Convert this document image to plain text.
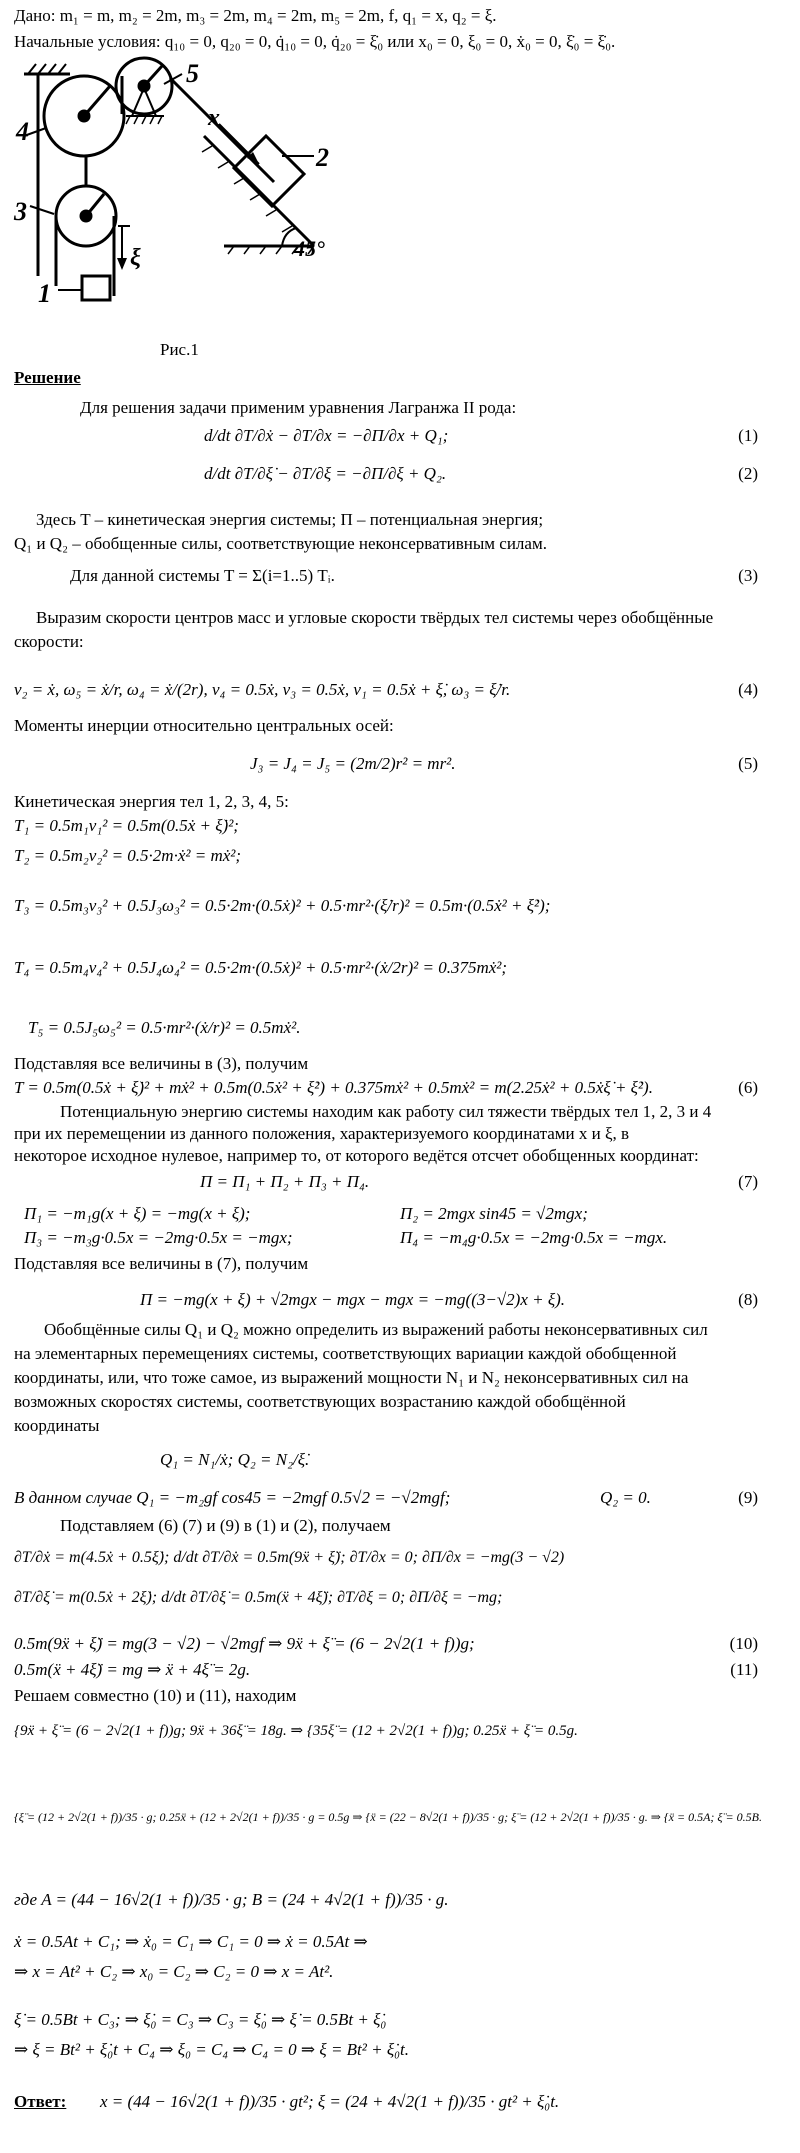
Дано: m₁ = m, m₂ = 2m, m₃ = 2m, m₄ = 2m, m₅ = 2m, f, q₁ = x, q₂ = ξ.
Начальные условия: q₁₀ = 0, q₂₀ = 0, q̇₁₀ = 0, q̇₂₀ = ξ̇₀ или x₀ = 0, ξ₀ = 0, ẋ₀ = 0, ξ̇₀ = ξ̇₀.
4
5
3
2
1
x
ξ	45°
Рис.1
Решение
Для решения задачи применим уравнения Лагранжа II рода:
d/dt ∂T/∂ẋ − ∂T/∂x = −∂П/∂x + Q₁;	(1)
d/dt ∂T/∂ξ̇ − ∂T/∂ξ = −∂П/∂ξ + Q₂.	(2)
Здесь T – кинетическая энергия системы; П – потенциальная энергия;
Q₁ и Q₂ – обобщенные силы, соответствующие неконсервативным силам.
Для данной системы T = Σ(i=1..5) Tᵢ.	(3)
Выразим скорости центров масс и угловые скорости твёрдых тел системы через обобщённые
скорости:
v₂ = ẋ, ω₅ = ẋ/r, ω₄ = ẋ/(2r), v₄ = 0.5ẋ, v₃ = 0.5ẋ, v₁ = 0.5ẋ + ξ̇, ω₃ = ξ̇/r.	(4)
Моменты инерции относительно центральных осей:
J₃ = J₄ = J₅ = (2m/2)r² = mr².	(5)
Кинетическая энергия тел 1, 2, 3, 4, 5:
T₁ = 0.5m₁v₁² = 0.5m(0.5ẋ + ξ̇)²;
T₂ = 0.5m₂v₂² = 0.5·2m·ẋ² = mẋ²;
T₃ = 0.5m₃v₃² + 0.5J₃ω₃² = 0.5·2m·(0.5ẋ)² + 0.5·mr²·(ξ̇/r)² = 0.5m·(0.5ẋ² + ξ̇²);
T₄ = 0.5m₄v₄² + 0.5J₄ω₄² = 0.5·2m·(0.5ẋ)² + 0.5·mr²·(ẋ/2r)² = 0.375mẋ²;
T₅ = 0.5J₅ω₅² = 0.5·mr²·(ẋ/r)² = 0.5mẋ².
Подставляя все величины в (3), получим
T = 0.5m(0.5ẋ + ξ̇)² + mẋ² + 0.5m(0.5ẋ² + ξ̇²) + 0.375mẋ² + 0.5mẋ² = m(2.25ẋ² + 0.5ẋξ̇ + ξ̇²).	(6)
Потенциальную энергию системы находим как работу сил тяжести твёрдых тел 1, 2, 3 и 4
при их перемещении из данного положения, характеризуемого координатами x и ξ, в
некоторое исходное нулевое, например то, от которого ведётся отсчет обобщенных координат:
П = П₁ + П₂ + П₃ + П₄.	(7)
П₁ = −m₁g(x + ξ) = −mg(x + ξ);	П₂ = 2mgx sin45 = √2mgx;
П₃ = −m₃g·0.5x = −2mg·0.5x = −mgx;	П₄ = −m₄g·0.5x = −2mg·0.5x = −mgx.
Подставляя все величины в (7), получим
П = −mg(x + ξ) + √2mgx − mgx − mgx = −mg((3−√2)x + ξ).	(8)
Обобщённые силы Q₁ и Q₂ можно определить из выражений работы неконсервативных сил
на элементарных перемещениях системы, соответствующих вариации каждой обобщенной
координаты, или, что тоже самое, из выражений мощности N₁ и N₂ неконсервативных сил на
возможных скоростях системы, соответствующих возрастанию каждой обобщённой
координаты
Q₁ = N₁/ẋ; Q₂ = N₂/ξ̇.
В данном случае Q₁ = −m₂gf cos45 = −2mgf 0.5√2 = −√2mgf;	Q₂ = 0.	(9)
Подставляем (6) (7) и (9) в (1) и (2), получаем
∂T/∂ẋ = m(4.5ẋ + 0.5ξ̇); d/dt ∂T/∂ẋ = 0.5m(9ẍ + ξ̈); ∂T/∂x = 0; ∂П/∂x = −mg(3 − √2)
∂T/∂ξ̇ = m(0.5ẋ + 2ξ̇); d/dt ∂T/∂ξ̇ = 0.5m(ẍ + 4ξ̈); ∂T/∂ξ = 0; ∂П/∂ξ = −mg;
0.5m(9ẍ + ξ̈) = mg(3 − √2) − √2mgf ⇒ 9ẍ + ξ̈ = (6 − 2√2(1 + f))g;	(10)
0.5m(ẍ + 4ξ̈) = mg ⇒ ẍ + 4ξ̈ = 2g.	(11)
Решаем совместно (10) и (11), находим
{9ẍ + ξ̈ = (6 − 2√2(1 + f))g; 9ẍ + 36ξ̈ = 18g. ⇒ {35ξ̈ = (12 + 2√2(1 + f))g; 0.25ẍ + ξ̈ = 0.5g.
{ξ̈ = (12 + 2√2(1 + f))/35 · g; 0.25ẍ + (12 + 2√2(1 + f))/35 · g = 0.5g ⇒ {ẍ = (22 − 8√2(1 + f))/35 · g; ξ̈ = (12 + 2√2(1 + f))/35 · g. ⇒ {ẍ = 0.5A; ξ̈ = 0.5B.
где A = (44 − 16√2(1 + f))/35 · g; B = (24 + 4√2(1 + f))/35 · g.
ẋ = 0.5At + C₁; ⇒ ẋ₀ = C₁ ⇒ C₁ = 0 ⇒ ẋ = 0.5At ⇒
⇒ x = At² + C₂ ⇒ x₀ = C₂ ⇒ C₂ = 0 ⇒ x = At².
ξ̇ = 0.5Bt + C₃; ⇒ ξ̇₀ = C₃ ⇒ C₃ = ξ̇₀ ⇒ ξ̇ = 0.5Bt + ξ̇₀
⇒ ξ = Bt² + ξ̇₀t + C₄ ⇒ ξ₀ = C₄ ⇒ C₄ = 0 ⇒ ξ = Bt² + ξ̇₀t.
Ответ: x = (44 − 16√2(1 + f))/35 · gt²; ξ = (24 + 4√2(1 + f))/35 · gt² + ξ̇₀t.
